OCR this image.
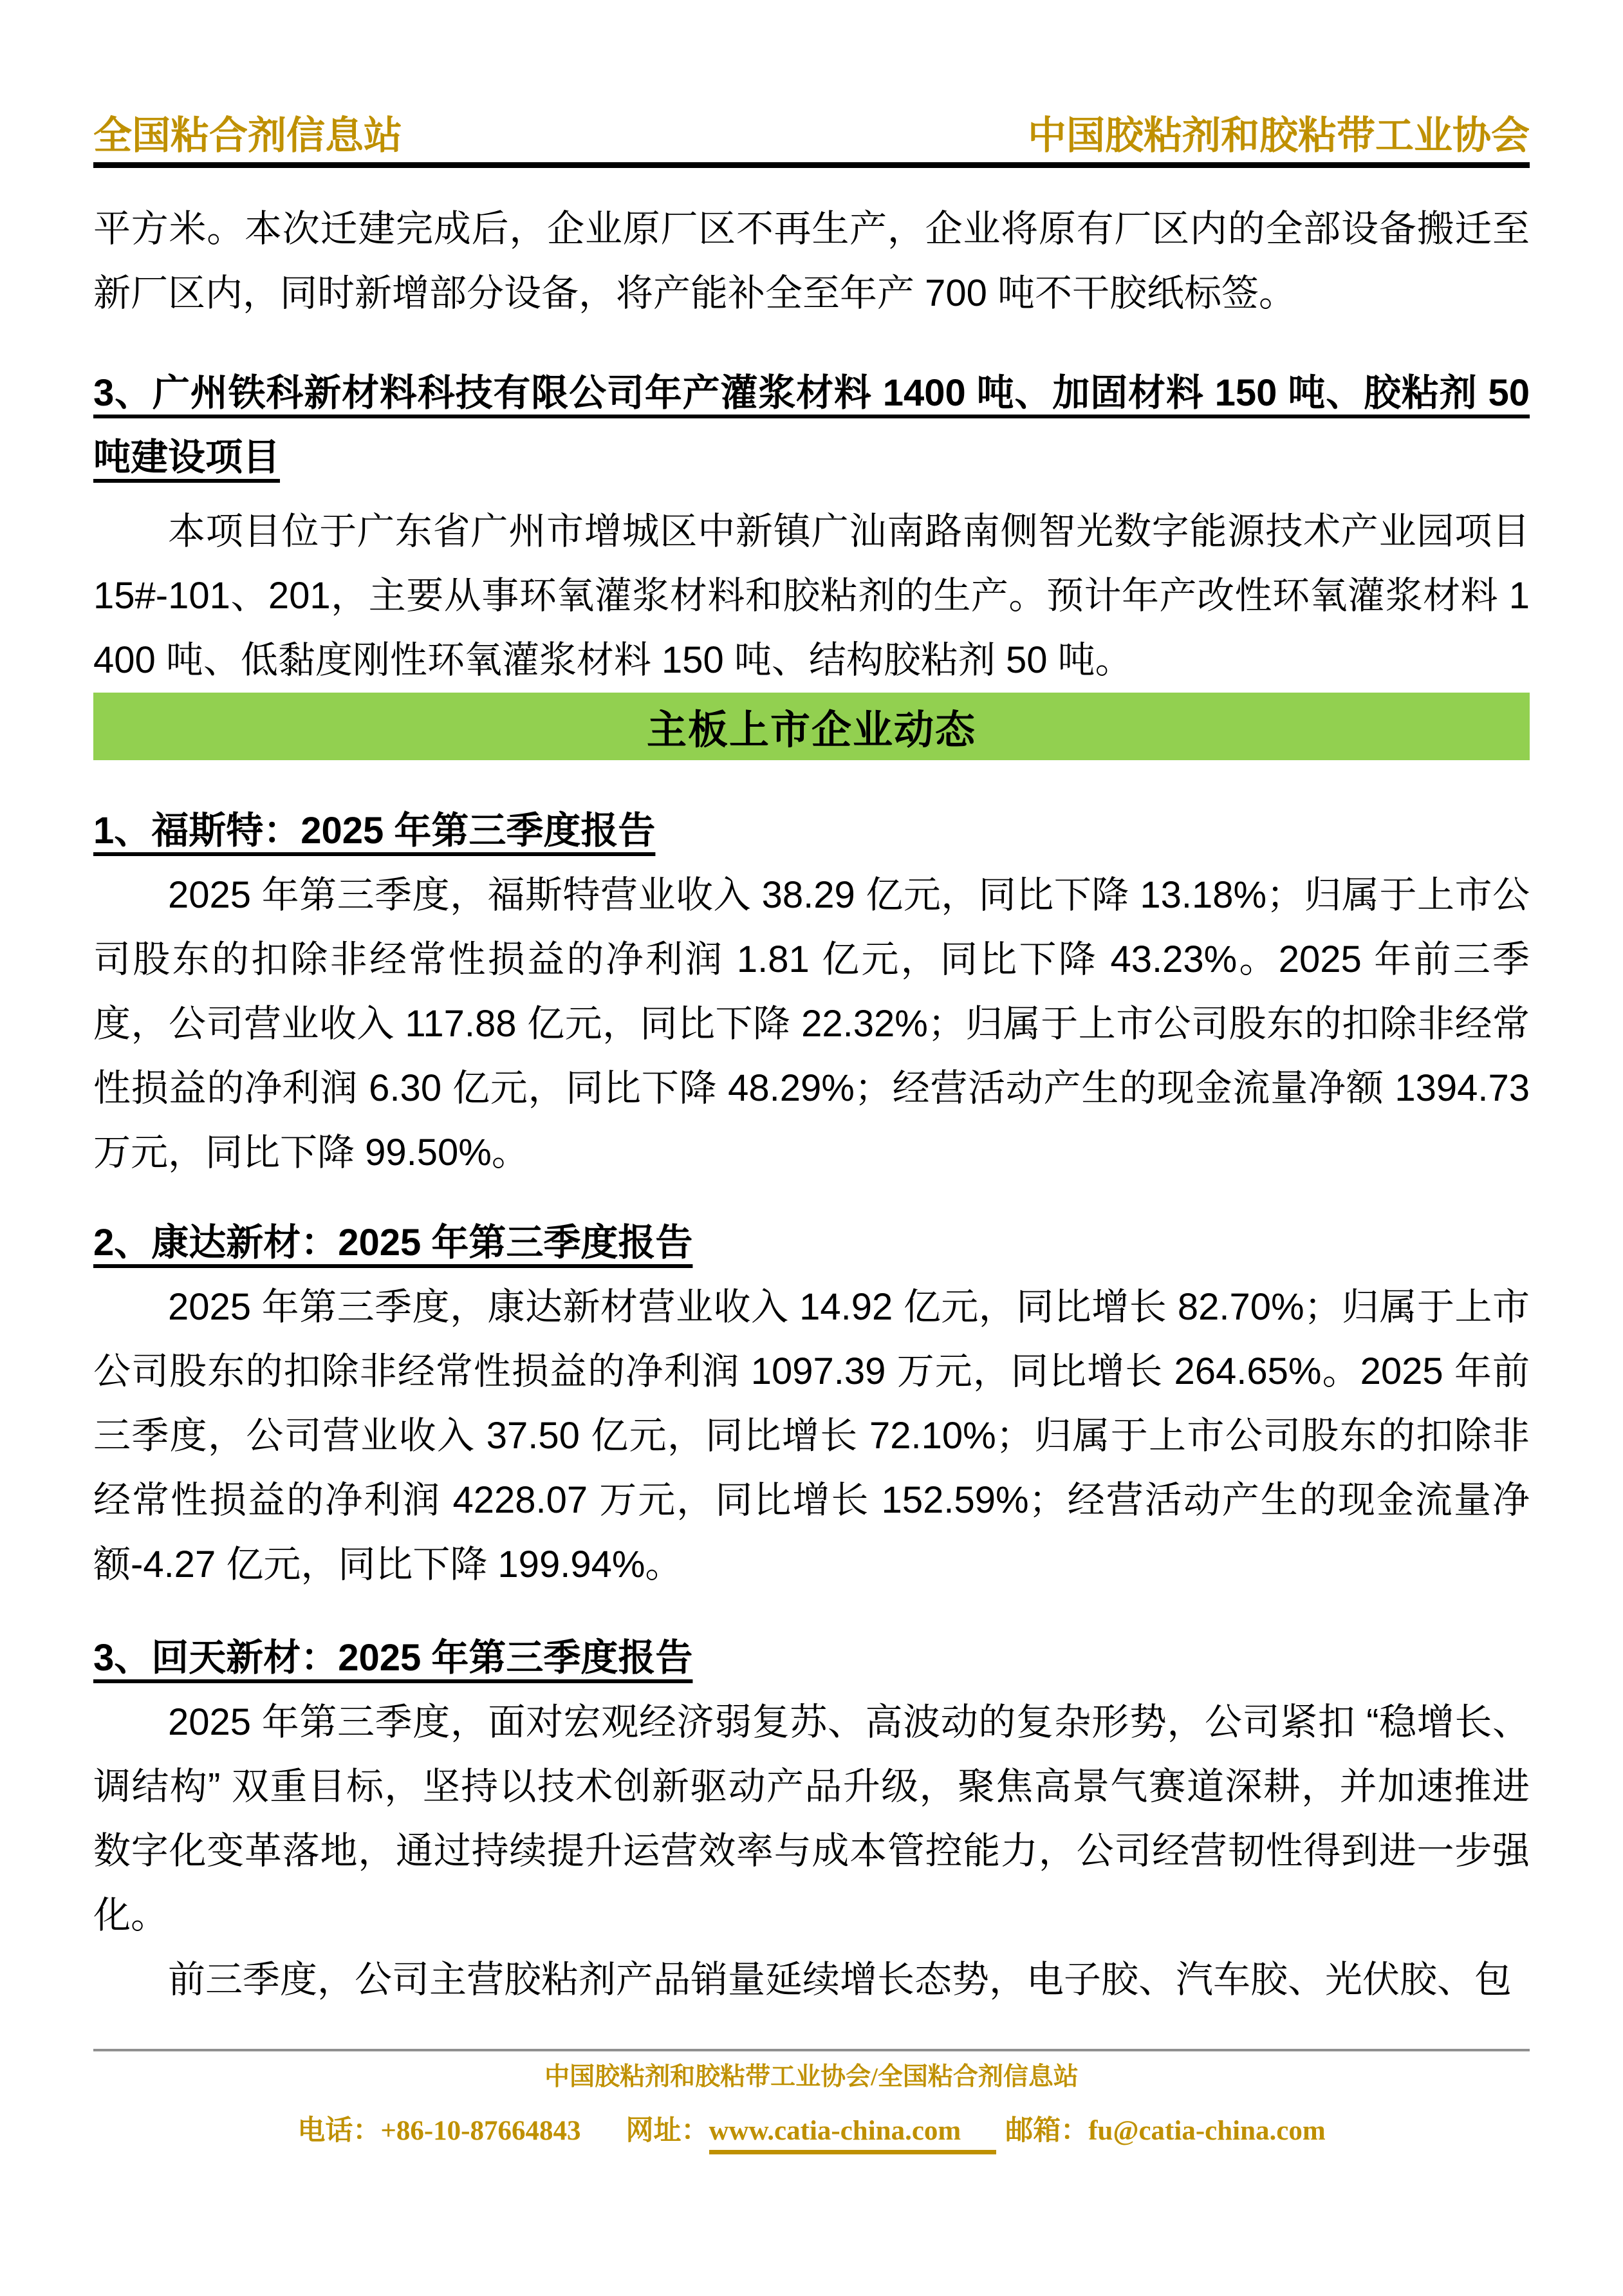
全国粘合剂信息站	中国胶粘剂和胶粘带工业协会

平方米。本次迁建完成后，企业原厂区不再生产，企业将原有厂区内的全部设备搬迁至新厂区内，同时新增部分设备，将产能补全至年产 700 吨不干胶纸标签。

3、广州铁科新材料科技有限公司年产灌浆材料 1400 吨、加固材料 150 吨、胶粘剂 50 吨建设项目

本项目位于广东省广州市增城区中新镇广汕南路南侧智光数字能源技术产业园项目 15#-101、201，主要从事环氧灌浆材料和胶粘剂的生产。预计年产改性环氧灌浆材料 1400 吨、低黏度刚性环氧灌浆材料 150 吨、结构胶粘剂 50 吨。

主板上市企业动态

1、福斯特：2025 年第三季度报告

2025 年第三季度，福斯特营业收入 38.29 亿元，同比下降 13.18%；归属于上市公司股东的扣除非经常性损益的净利润 1.81 亿元，同比下降 43.23%。2025 年前三季度，公司营业收入 117.88 亿元，同比下降 22.32%；归属于上市公司股东的扣除非经常性损益的净利润 6.30 亿元，同比下降 48.29%；经营活动产生的现金流量净额 1394.73 万元，同比下降 99.50%。

2、康达新材：2025 年第三季度报告

2025 年第三季度，康达新材营业收入 14.92 亿元，同比增长 82.70%；归属于上市公司股东的扣除非经常性损益的净利润 1097.39 万元，同比增长 264.65%。2025 年前三季度，公司营业收入 37.50 亿元，同比增长 72.10%；归属于上市公司股东的扣除非经常性损益的净利润 4228.07 万元，同比增长 152.59%；经营活动产生的现金流量净额-4.27 亿元，同比下降 199.94%。

3、回天新材：2025 年第三季度报告

2025 年第三季度，面对宏观经济弱复苏、高波动的复杂形势，公司紧扣 “稳增长、调结构” 双重目标，坚持以技术创新驱动产品升级，聚焦高景气赛道深耕，并加速推进数字化变革落地，通过持续提升运营效率与成本管控能力，公司经营韧性得到进一步强化。

前三季度，公司主营胶粘剂产品销量延续增长态势，电子胶、汽车胶、光伏胶、包

中国胶粘剂和胶粘带工业协会/全国粘合剂信息站
电话：+86-10-87664843 网址：www.catia-china.com 邮箱：fu@catia-china.com
